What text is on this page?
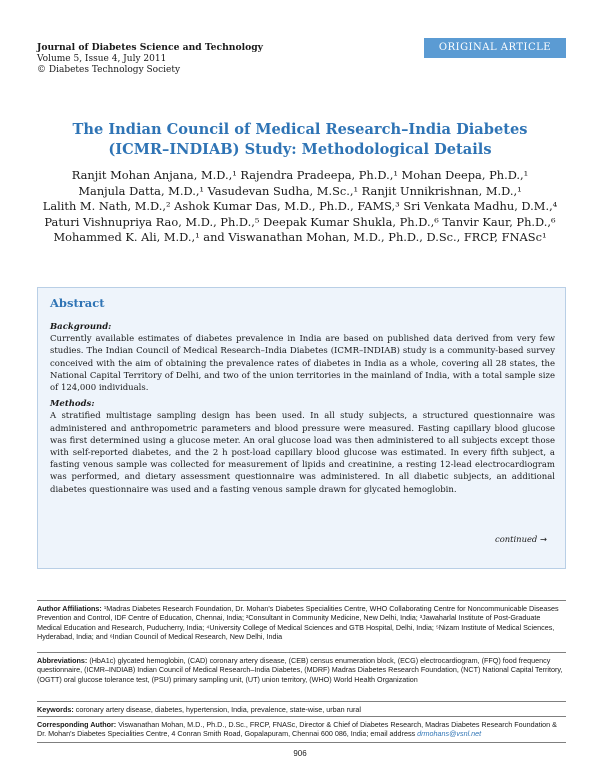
Journal of Diabetes Science and Technology
Volume 5, Issue 4, July 2011
© Diabetes Technology Society
ORIGINAL ARTICLE
The Indian Council of Medical Research–India Diabetes
(ICMR–INDIAB) Study: Methodological Details
Ranjit Mohan Anjana, M.D.,¹ Rajendra Pradeepa, Ph.D.,¹ Mohan Deepa, Ph.D.,¹
Manjula Datta, M.D.,¹ Vasudevan Sudha, M.Sc.,¹ Ranjit Unnikrishnan, M.D.,¹
Lalith M. Nath, M.D.,² Ashok Kumar Das, M.D., Ph.D., FAMS,³ Sri Venkata Madhu, D.M.,⁴
Paturi Vishnupriya Rao, M.D., Ph.D.,⁵ Deepak Kumar Shukla, Ph.D.,⁶ Tanvir Kaur, Ph.D.,⁶
Mohammed K. Ali, M.D.,¹ and Viswanathan Mohan, M.D., Ph.D., D.Sc., FRCP, FNASc¹
Abstract
Background:

Currently available estimates of diabetes prevalence in India are based on published data derived from very few studies. The Indian Council of Medical Research–India Diabetes (ICMR–INDIAB) study is a community-based survey conceived with the aim of obtaining the prevalence rates of diabetes in India as a whole, covering all 28 states, the National Capital Territory of Delhi, and two of the union territories in the mainland of India, with a total sample size of 124,000 individuals.

Methods:

A stratified multistage sampling design has been used. In all study subjects, a structured questionnaire was administered and anthropometric parameters and blood pressure were measured. Fasting capillary blood glucose was first determined using a glucose meter. An oral glucose load was then administered to all subjects except those with self-reported diabetes, and the 2 h post-load capillary blood glucose was estimated. In every fifth subject, a fasting venous sample was collected for measurement of lipids and creatinine, a resting 12-lead electrocardiogram was performed, and dietary assessment questionnaire was administered. In all diabetic subjects, an additional diabetes questionnaire was used and a fasting venous sample drawn for glycated hemoglobin.

continued →
Author Affiliations: ¹Madras Diabetes Research Foundation, Dr. Mohan's Diabetes Specialities Centre, WHO Collaborating Centre for Noncommunicable Diseases Prevention and Control, IDF Centre of Education, Chennai, India; ²Consultant in Community Medicine, New Delhi, India; ³Jawaharlal Institute of Post-Graduate Medical Education and Research, Puducherry, India; ⁴University College of Medical Sciences and GTB Hospital, Delhi, India; ⁵Nizam Institute of Medical Sciences, Hyderabad, India; and ⁶Indian Council of Medical Research, New Delhi, India
Abbreviations: (HbA1c) glycated hemoglobin, (CAD) coronary artery disease, (CEB) census enumeration block, (ECG) electrocardiogram, (FFQ) food frequency questionnaire, (ICMR–INDIAB) Indian Council of Medical Research–India Diabetes, (MDRF) Madras Diabetes Research Foundation, (NCT) National Capital Territory, (OGTT) oral glucose tolerance test, (PSU) primary sampling unit, (UT) union territory, (WHO) World Health Organization
Keywords: coronary artery disease, diabetes, hypertension, India, prevalence, state-wise, urban rural
Corresponding Author: Viswanathan Mohan, M.D., Ph.D., D.Sc., FRCP, FNASc, Director & Chief of Diabetes Research, Madras Diabetes Research Foundation & Dr. Mohan's Diabetes Specialities Centre, 4 Conran Smith Road, Gopalapuram, Chennai 600 086, India; email address drmohans@vsnl.net
906
